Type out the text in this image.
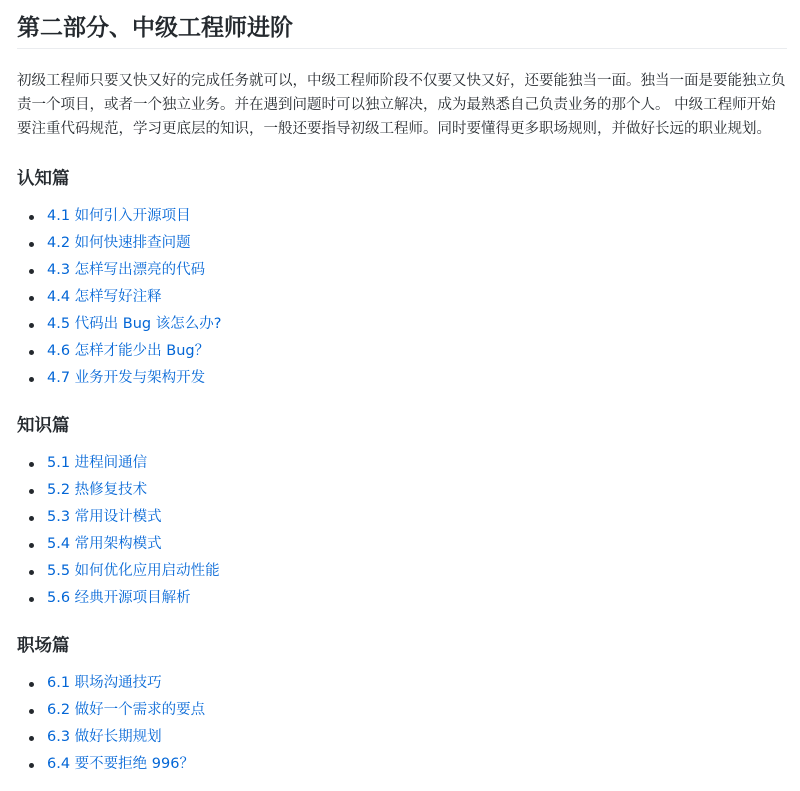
第二部分、中级工程师进阶

初级工程师只要又快又好的完成任务就可以，中级工程师阶段不仅要又快又好，还要能独当一面。独当一面是要能独立负责一个项目，或者一个独立业务。并在遇到问题时可以独立解决，成为最熟悉自己负责业务的那个人。 中级工程师开始要注重代码规范，学习更底层的知识，一般还要指导初级工程师。同时要懂得更多职场规则，并做好长远的职业规划。

认知篇
4.1 如何引入开源项目
4.2 如何快速排查问题
4.3 怎样写出漂亮的代码
4.4 怎样写好注释
4.5 代码出 Bug 该怎么办?
4.6 怎样才能少出 Bug？
4.7 业务开发与架构开发
知识篇
5.1 进程间通信
5.2 热修复技术
5.3 常用设计模式
5.4 常用架构模式
5.5 如何优化应用启动性能
5.6 经典开源项目解析
职场篇
6.1 职场沟通技巧
6.2 做好一个需求的要点
6.3 做好长期规划
6.4 要不要拒绝 996？
